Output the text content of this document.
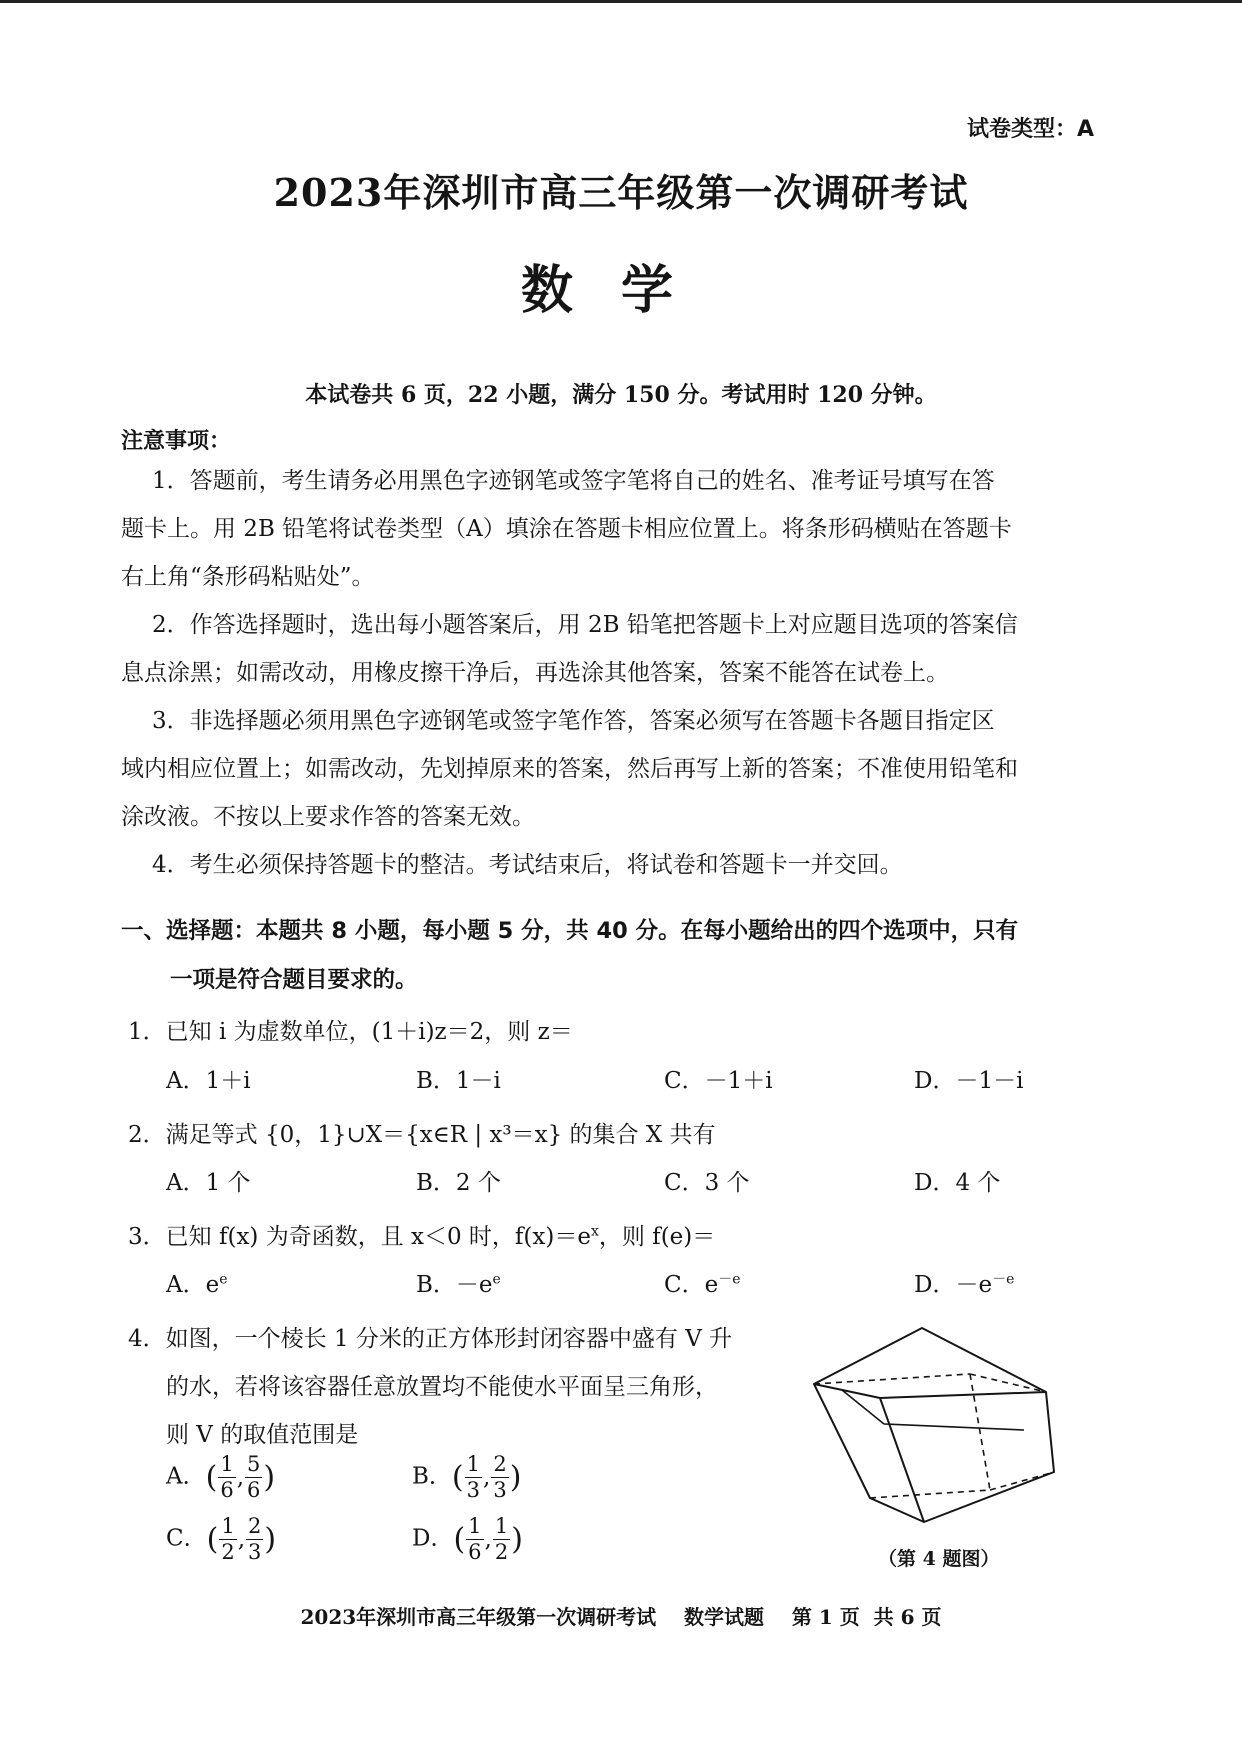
试卷类型：A
2023年深圳市高三年级第一次调研考试
数学
本试卷共 6 页，22 小题，满分 150 分。考试用时 120 分钟。
注意事项：
1．答题前，考生请务必用黑色字迹钢笔或签字笔将自己的姓名、准考证号填写在答
题卡上。用 2B 铅笔将试卷类型（A）填涂在答题卡相应位置上。将条形码横贴在答题卡
右上角“条形码粘贴处”。
2．作答选择题时，选出每小题答案后，用 2B 铅笔把答题卡上对应题目选项的答案信
息点涂黑；如需改动，用橡皮擦干净后，再选涂其他答案，答案不能答在试卷上。
3．非选择题必须用黑色字迹钢笔或签字笔作答，答案必须写在答题卡各题目指定区
域内相应位置上；如需改动，先划掉原来的答案，然后再写上新的答案；不准使用铅笔和
涂改液。不按以上要求作答的答案无效。
4．考生必须保持答题卡的整洁。考试结束后，将试卷和答题卡一并交回。
一、选择题：本题共 8 小题，每小题 5 分，共 40 分。在每小题给出的四个选项中，只有
一项是符合题目要求的。
1．已知 i 为虚数单位，(1＋i)z＝2，则 z＝
A．1＋i	B．1－i	C．－1＋i	D．－1－i
2．满足等式 {0，1}∪X＝{x∈R | x³＝x} 的集合 X 共有
A．1 个	B．2 个	C．3 个	D．4 个
3．已知 f(x) 为奇函数，且 x＜0 时，$f(x)=e^x$，则 f(e)＝
A．$e^e$	B．$-e^e$	C．$e^{-e}$	D．$-e^{-e}$
4．如图，一个棱长 1 分米的正方体形封闭容器中盛有 V 升
的水，若将该容器任意放置均不能使水平面呈三角形，
则 V 的取值范围是
A．( $\frac{1}{6}$ , $\frac{5}{6}$ )	B．( $\frac{1}{3}$ , $\frac{2}{3}$ )
C．( $\frac{1}{2}$ , $\frac{2}{3}$ )	D．( $\frac{1}{6}$ , $\frac{1}{2}$ )
（第 4 题图）
2023年深圳市高三年级第一次调研考试 数学试题 第 1 页  共 6 页
